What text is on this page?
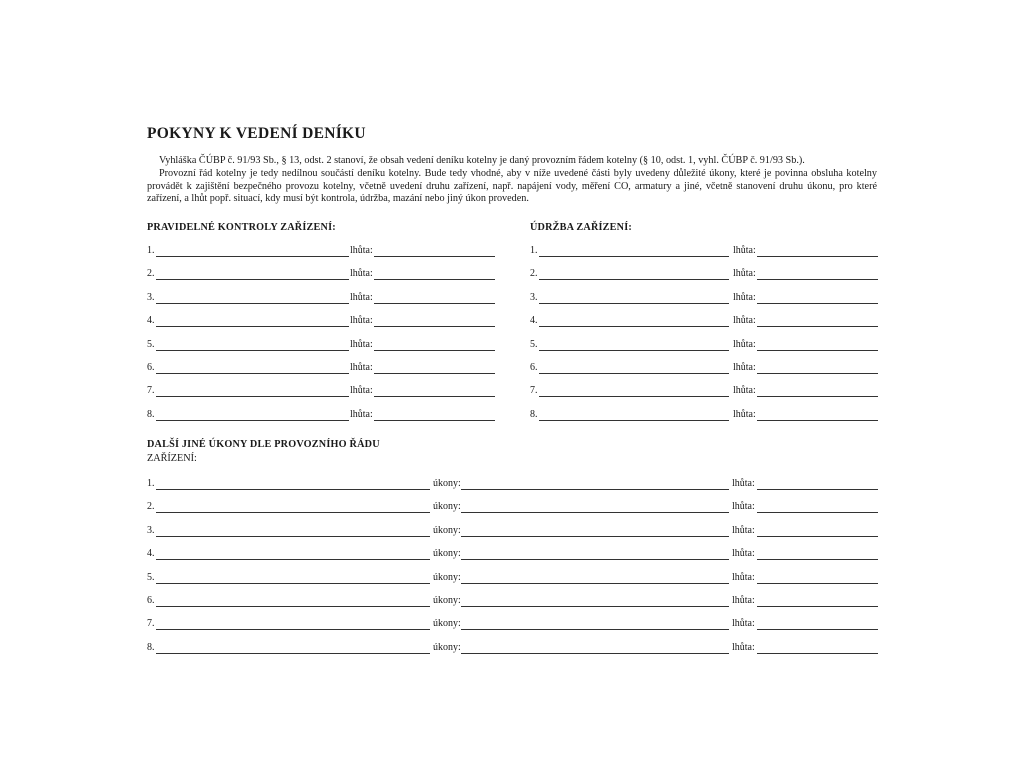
POKYNY K VEDENÍ DENÍKU
Vyhláška ČÚBP č. 91/93 Sb., § 13, odst. 2 stanoví, že obsah vedení deníku kotelny je daný provozním řádem kotelny (§ 10, odst. 1, vyhl. ČÚBP č. 91/93 Sb.).
Provozní řád kotelny je tedy nedílnou součástí deníku kotelny. Bude tedy vhodné, aby v níže uvedené části byly uvedeny důležité úkony, které je povinna obsluha kotelny provádět k zajištění bezpečného provozu kotelny, včetně uvedení druhu zařízení, např. napájení vody, měření CO, armatury a jiné, včetně stanovení druhu úkonu, pro které zařízení, a lhůt popř. situací, kdy musí být kontrola, údržba, mazání nebo jiný úkon proveden.
PRAVIDELNÉ KONTROLY ZAŘÍZENÍ:	ÚDRŽBA ZAŘÍZENÍ:
1.	lhůta:
2.	lhůta:
3.	lhůta:
4.	lhůta:
5.	lhůta:
6.	lhůta:
7.	lhůta:
8.	lhůta:
1.	lhůta:
2.	lhůta:
3.	lhůta:
4.	lhůta:
5.	lhůta:
6.	lhůta:
7.	lhůta:
8.	lhůta:
DALŠÍ JINÉ ÚKONY DLE PROVOZNÍHO ŘÁDU
ZAŘÍZENÍ:
1.	úkony:	lhůta:
2.	úkony:	lhůta:
3.	úkony:	lhůta:
4.	úkony:	lhůta:
5.	úkony:	lhůta:
6.	úkony:	lhůta:
7.	úkony:	lhůta:
8.	úkony:	lhůta:
